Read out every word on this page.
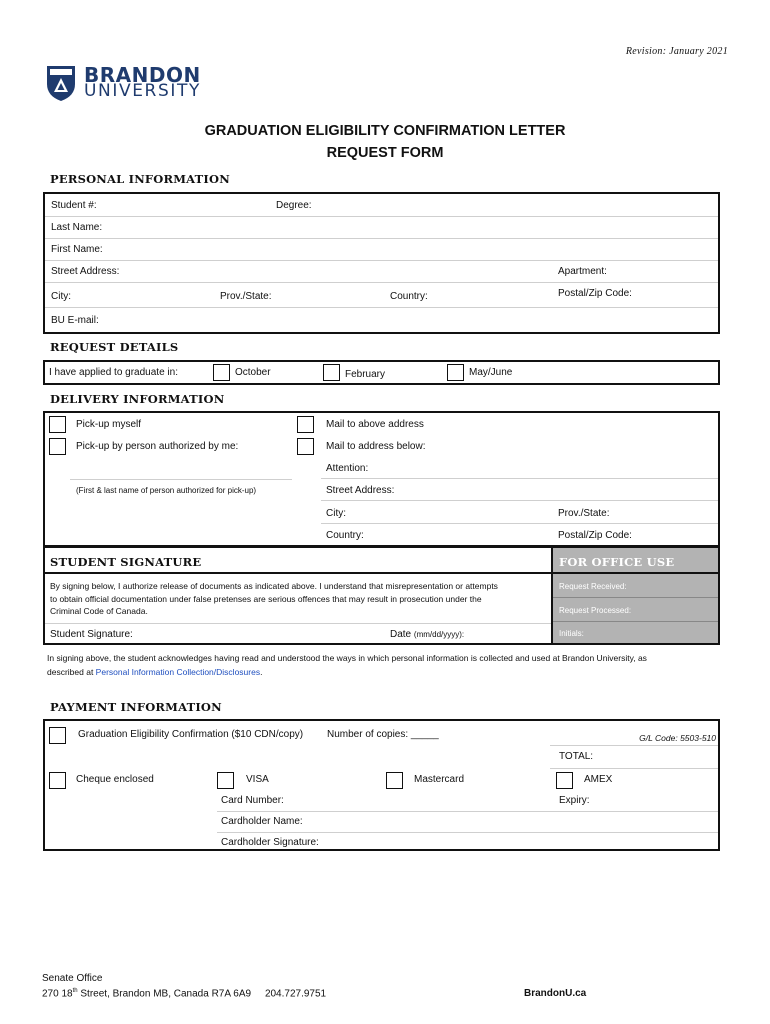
Revision: January 2021
BRANDON
UNIVERSITY
GRADUATION ELIGIBILITY CONFIRMATION LETTER
REQUEST FORM
PERSONAL INFORMATION
Student #:	Degree:
Last Name:
First Name:
Street Address:	Apartment:
City:	Prov./State:	Country:	Postal/Zip Code:
BU E-mail:
REQUEST DETAILS
I have applied to graduate in:	October	February	May/June
DELIVERY INFORMATION
Pick-up myself
Pick-up by person authorized by me:
(First & last name of person authorized for pick-up)
Mail to above address
Mail to address below:
Attention:
Street Address:
City:	Prov./State:
Country:	Postal/Zip Code:
STUDENT SIGNATURE	FOR OFFICE USE
By signing below, I authorize release of documents as indicated above. I understand that misrepresentation or attempts
to obtain official documentation under false pretenses are serious offences that may result in prosecution under the
Criminal Code of Canada.
Student Signature:	Date (mm/dd/yyyy):
Request Received:
Request Processed:
Initials:
In signing above, the student acknowledges having read and understood the ways in which personal information is collected and used at Brandon University, as
described at Personal Information Collection/Disclosures.
PAYMENT INFORMATION
Graduation Eligibility Confirmation ($10 CDN/copy) Number of copies: _____	G/L Code: 5503-510
TOTAL:
Cheque enclosed	VISA	Mastercard	AMEX
Card Number:	Expiry:
Cardholder Name:
Cardholder Signature:
Senate Office
270 18th Street, Brandon MB, Canada R7A 6A9     204.727.9751	BrandonU.ca
